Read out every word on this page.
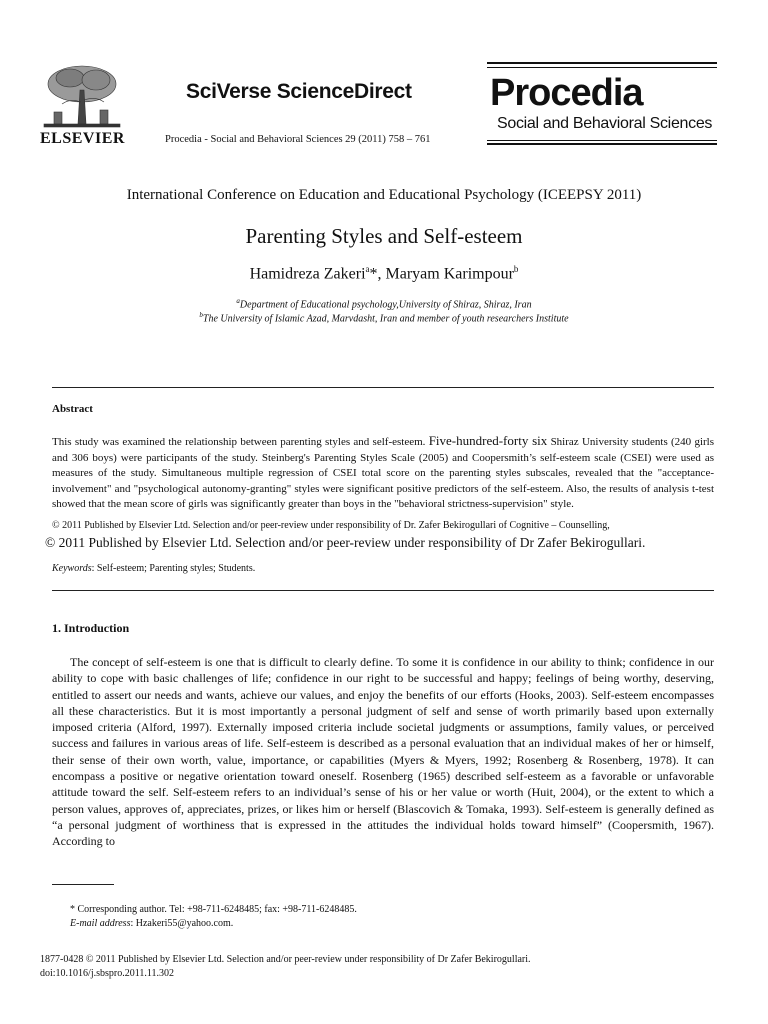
ELSEVIER
SciVerse ScienceDirect
Procedia - Social and Behavioral Sciences 29 (2011) 758 – 761
Procedia
Social and Behavioral Sciences
International Conference on Education and Educational Psychology (ICEEPSY 2011)
Parenting Styles and Self-esteem
Hamidreza Zakeri$^a$*, Maryam Karimpour$^b$
$^a$Department of Educational psychology,University of Shiraz, Shiraz, Iran
$^b$The University of Islamic Azad, Marvdasht, Iran and member of youth researchers Institute
Abstract
This study was examined the relationship between parenting styles and self-esteem. Five-hundred-forty six Shiraz University students (240 girls and 306 boys) were participants of the study. Steinberg's Parenting Styles Scale (2005) and Coopersmith’s self-esteem scale (CSEI) were used as measures of the study. Simultaneous multiple regression of CSEI total score on the parenting styles subscales, revealed that the "acceptance-involvement" and "psychological autonomy-granting" styles were significant positive predictors of the self-esteem. Also, the results of analysis t-test showed that the mean score of girls was significantly greater than boys in the "behavioral strictness-supervision" style.
© 2011 Published by Elsevier Ltd. Selection and/or peer-review under responsibility of Dr. Zafer Bekirogullari of Cognitive – Counselling,
© 2011 Published by Elsevier Ltd. Selection and/or peer-review under responsibility of Dr Zafer Bekirogullari.
Keywords: Self-esteem; Parenting styles; Students.
1. Introduction
The concept of self-esteem is one that is difficult to clearly define. To some it is confidence in our ability to think; confidence in our ability to cope with basic challenges of life; confidence in our right to be successful and happy; feelings of being worthy, deserving, entitled to assert our needs and wants, achieve our values, and enjoy the benefits of our efforts (Hooks, 2003). Self-esteem encompasses all these characteristics. But it is most importantly a personal judgment of self and sense of worth primarily based upon externally imposed criteria (Alford, 1997). Externally imposed criteria include societal judgments or assumptions, family values, or perceived success and failures in various areas of life. Self-esteem is described as a personal evaluation that an individual makes of her or himself, their sense of their own worth, value, importance, or capabilities (Myers & Myers, 1992; Rosenberg & Rosenberg, 1978). It can encompass a positive or negative orientation toward oneself. Rosenberg (1965) described self-esteem as a favorable or unfavorable attitude toward the self. Self-esteem refers to an individual’s sense of his or her value or worth (Huit, 2004), or the extent to which a person values, approves of, appreciates, prizes, or likes him or herself (Blascovich & Tomaka, 1993). Self-esteem is generally defined as “a personal judgment of worthiness that is expressed in the attitudes the individual holds toward himself” (Coopersmith, 1967). According to
* Corresponding author. Tel: +98-711-6248485; fax: +98-711-6248485.
E-mail address: Hzakeri55@yahoo.com.
1877-0428 © 2011 Published by Elsevier Ltd. Selection and/or peer-review under responsibility of Dr Zafer Bekirogullari.
doi:10.1016/j.sbspro.2011.11.302
